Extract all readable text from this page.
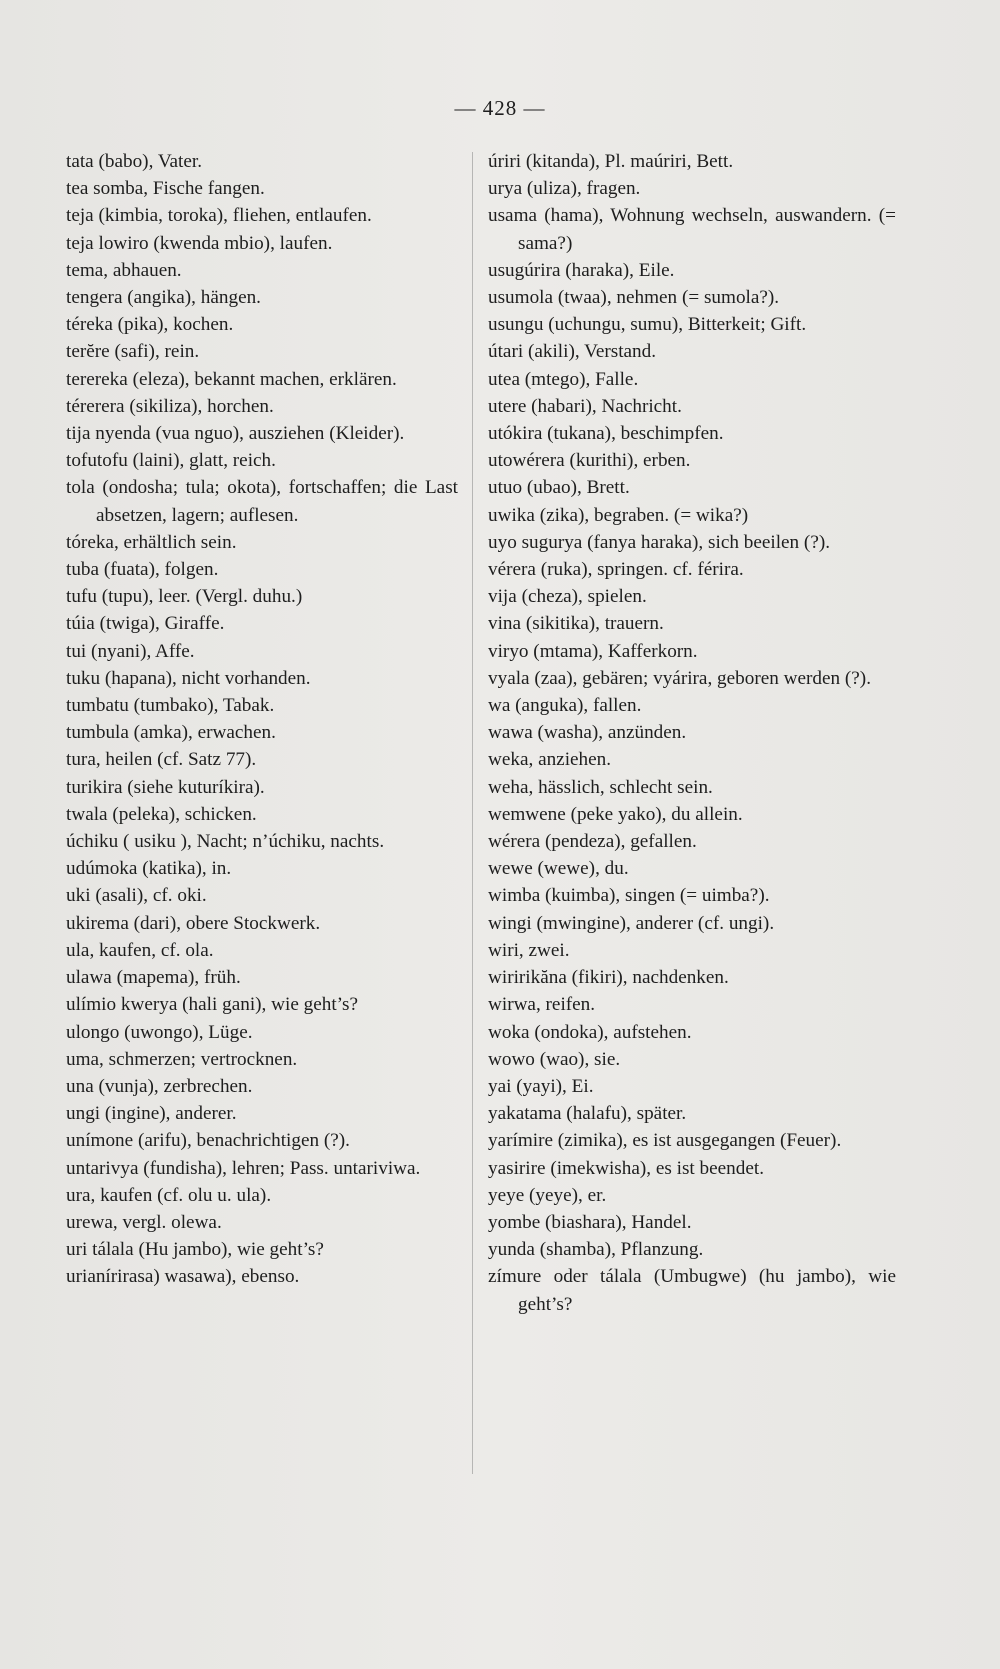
— 428 —
tata (babo), Vater.
tea somba, Fische fangen.
teja (kimbia, toroka), fliehen, entlaufen.
teja lowiro (kwenda mbio), laufen.
tema, abhauen.
tengera (angika), hängen.
téreka (pika), kochen.
terĕre (safi), rein.
terereka (eleza), bekannt machen, erklären.
térerera (sikiliza), horchen.
tija nyenda (vua nguo), ausziehen (Kleider).
tofutofu (laini), glatt, reich.
tola (ondosha; tula; okota), fortschaffen; die Last absetzen, lagern; auflesen.
tóreka, erhältlich sein.
tuba (fuata), folgen.
tufu (tupu), leer. (Vergl. duhu.)
túia (twiga), Giraffe.
tui (nyani), Affe.
tuku (hapana), nicht vorhanden.
tumbatu (tumbako), Tabak.
tumbula (amka), erwachen.
tura, heilen (cf. Satz 77).
turikira (siehe kuturíkira).
twala (peleka), schicken.
úchiku ( usiku ), Nacht; n’úchiku, nachts.
udúmoka (katika), in.
uki (asali), cf. oki.
ukirema (dari), obere Stockwerk.
ula, kaufen, cf. ola.
ulawa (mapema), früh.
ulímio kwerya (hali gani), wie geht’s?
ulongo (uwongo), Lüge.
uma, schmerzen; vertrocknen.
una (vunja), zerbrechen.
ungi (ingine), anderer.
unímone (arifu), benachrichtigen (?).
untarivya (fundisha), lehren; Pass. untariviwa.
ura, kaufen (cf. olu u. ula).
urewa, vergl. olewa.
uri tálala (Hu jambo), wie geht’s?
urianírirasa) wasawa), ebenso.
úriri (kitanda), Pl. maúriri, Bett.
urya (uliza), fragen.
usama (hama), Wohnung wechseln, auswandern. (= sama?)
usugúrira (haraka), Eile.
usumola (twaa), nehmen (= sumola?).
usungu (uchungu, sumu), Bitterkeit; Gift.
útari (akili), Verstand.
utea (mtego), Falle.
utere (habari), Nachricht.
utókira (tukana), beschimpfen.
utowérera (kurithi), erben.
utuo (ubao), Brett.
uwika (zika), begraben. (= wika?)
uyo sugurya (fanya haraka), sich beeilen (?).
vérera (ruka), springen. cf. férira.
vija (cheza), spielen.
vina (sikitika), trauern.
viryo (mtama), Kafferkorn.
vyala (zaa), gebären; vyárira, geboren werden (?).
wa (anguka), fallen.
wawa (washa), anzünden.
weka, anziehen.
weha, hässlich, schlecht sein.
wemwene (peke yako), du allein.
wérera (pendeza), gefallen.
wewe (wewe), du.
wimba (kuimba), singen (= uimba?).
wingi (mwingine), anderer (cf. ungi).
wiri, zwei.
wiririkăna (fikiri), nachdenken.
wirwa, reifen.
woka (ondoka), aufstehen.
wowo (wao), sie.
yai (yayi), Ei.
yakatama (halafu), später.
yarímire (zimika), es ist ausgegangen (Feuer).
yasirire (imekwisha), es ist beendet.
yeye (yeye), er.
yombe (biashara), Handel.
yunda (shamba), Pflanzung.
zímure oder tálala (Umbugwe) (hu jambo), wie geht’s?
